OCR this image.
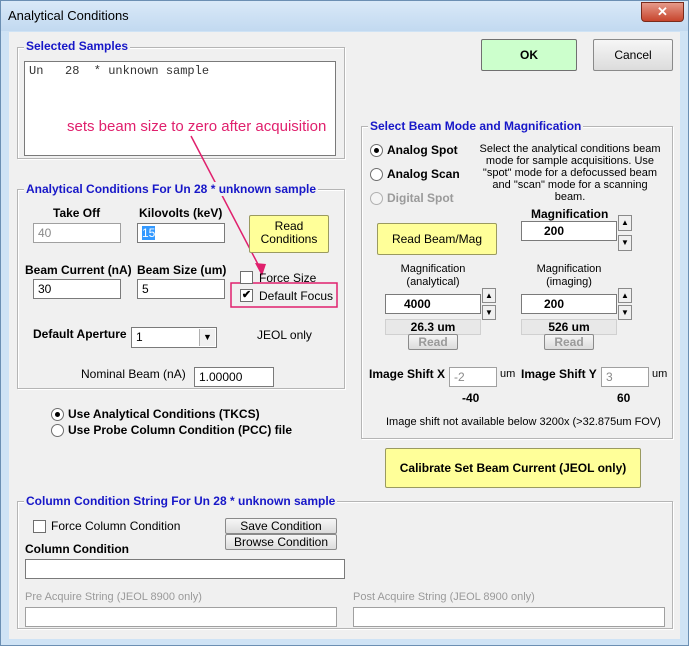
Analytical Conditions	✕
Selected Samples
Un   28  * unknown sample
sets beam size to zero after acquisition
Analytical Conditions For Un 28 * unknown sample
Take Off
40
Kilovolts (keV)
15	Read
Conditions
Beam Current (nA)
30
Beam Size (um)
5
Force Size
✔ Default Focus
Default Aperture 1	▼	JEOL only
Nominal Beam (nA)	1.00000
Use Analytical Conditions (TKCS)
Use Probe Column Condition (PCC) file
OK	Cancel
Select Beam Mode and Magnification
Analog Spot
Analog Scan
Digital Spot
Select the analytical conditions beam mode for sample acquisitions. Use "spot" mode for a defocussed beam and "scan" mode for a scanning beam.
Magnification
200
▲
▼
Read Beam/Mag
Magnification
(analytical)
4000
▲
▼
26.3 um
Read
Magnification
(imaging)
200
▲
▼
526 um
Read
Image Shift X -2	um
-40
Image Shift Y 3	um
60
Image shift not available below 3200x (>32.875um FOV)
Calibrate Set Beam Current (JEOL only)
Column Condition String For Un 28 * unknown sample
Force Column Condition	Save Condition
Browse Condition
Column Condition
Pre Acquire String (JEOL 8900 only)	Post Acquire String (JEOL 8900 only)
